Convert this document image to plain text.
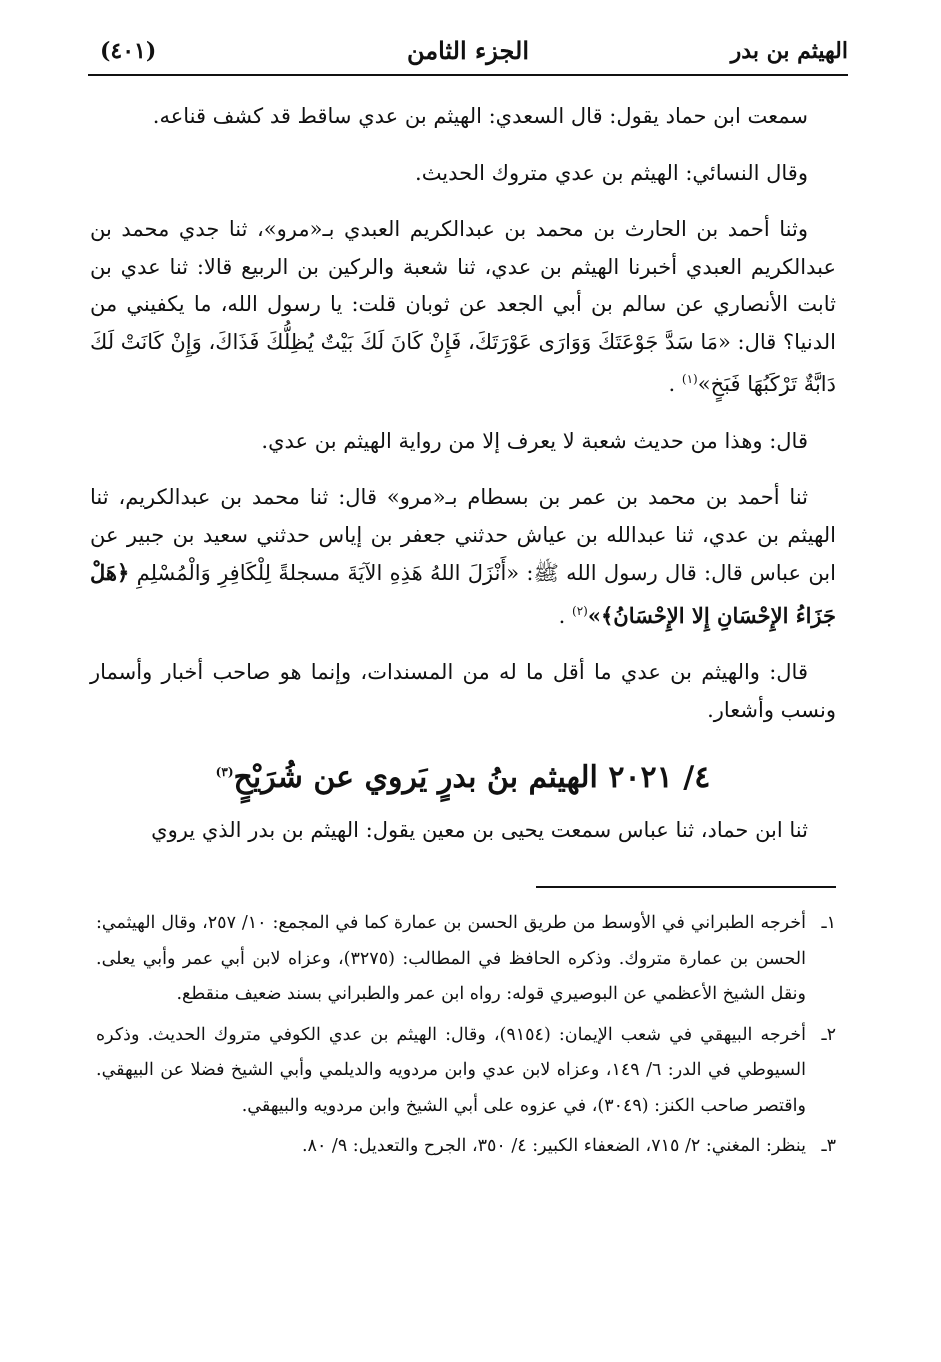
الهيثم بن بدر
الجزء الثامن
(٤٠١)

سمعت ابن حماد يقول: قال السعدي: الهيثم بن عدي ساقط قد كشف قناعه.

وقال النسائي: الهيثم بن عدي متروك الحديث.

وثنا أحمد بن الحارث بن محمد بن عبدالكريم العبدي بـ«مرو»، ثنا جدي محمد بن عبدالكريم العبدي أخبرنا الهيثم بن عدي، ثنا شعبة والركين بن الربيع قالا: ثنا عدي بن ثابت الأنصاري عن سالم بن أبي الجعد عن ثوبان قلت: يا رسول الله، ما يكفيني من الدنيا؟ قال: «مَا سَدَّ جَوْعَتَكَ وَوَارَى عَوْرَتَكَ، فَإِنْ كَانَ لَكَ بَيْتٌ يُظِلُّكَ فَذَاكَ، وَإِنْ كَانَتْ لَكَ دَابَّةٌ تَرْكَبُهَا فَبَخٍ»$^{(١)}$ .

قال: وهذا من حديث شعبة لا يعرف إلا من رواية الهيثم بن عدي.

ثنا أحمد بن محمد بن عمر بن بسطام بـ«مرو» قال: ثنا محمد بن عبدالكريم، ثنا الهيثم بن عدي، ثنا عبدالله بن عياش حدثني جعفر بن إياس حدثني سعيد بن جبير عن ابن عباس قال: قال رسول الله ﷺ: «أَنْزَلَ اللهُ هَذِهِ الآيَةَ مسجلةً لِلْكَافِرِ وَالْمُسْلِمِ ﴿هَلْ جَزَاءُ الإِحْسَانِ إِلا الإِحْسَانُ﴾»$^{(٢)}$ .

قال: والهيثم بن عدي ما أقل ما له من المسندات، وإنما هو صاحب أخبار وأسمار ونسب وأشعار.

٤/ ٢٠٢١ الهيثم بنُ بدرٍ يَروي عن شُرَيْحٍ$^{(٣)}$

ثنا ابن حماد، ثنا عباس سمعت يحيى بن معين يقول: الهيثم بن بدر الذي يروي

١ـ
أخرجه الطبراني في الأوسط من طريق الحسن بن عمارة كما في المجمع: ١٠/ ٢٥٧، وقال الهيثمي: الحسن بن عمارة متروك. وذكره الحافظ في المطالب: (٣٢٧٥)، وعزاه لابن أبي عمر وأبي يعلى. ونقل الشيخ الأعظمي عن البوصيري قوله: رواه ابن عمر والطبراني بسند ضعيف منقطع.
٢ـ
أخرجه البيهقي في شعب الإيمان: (٩١٥٤)، وقال: الهيثم بن عدي الكوفي متروك الحديث. وذكره السيوطي في الدر: ٦/ ١٤٩، وعزاه لابن عدي وابن مردويه والديلمي وأبي الشيخ فضلا عن البيهقي. واقتصر صاحب الكنز: (٣٠٤٩)، في عزوه على أبي الشيخ وابن مردويه والبيهقي.
٣ـ
ينظر: المغني: ٢/ ٧١٥، الضعفاء الكبير: ٤/ ٣٥٠، الجرح والتعديل: ٩/ ٨٠.
